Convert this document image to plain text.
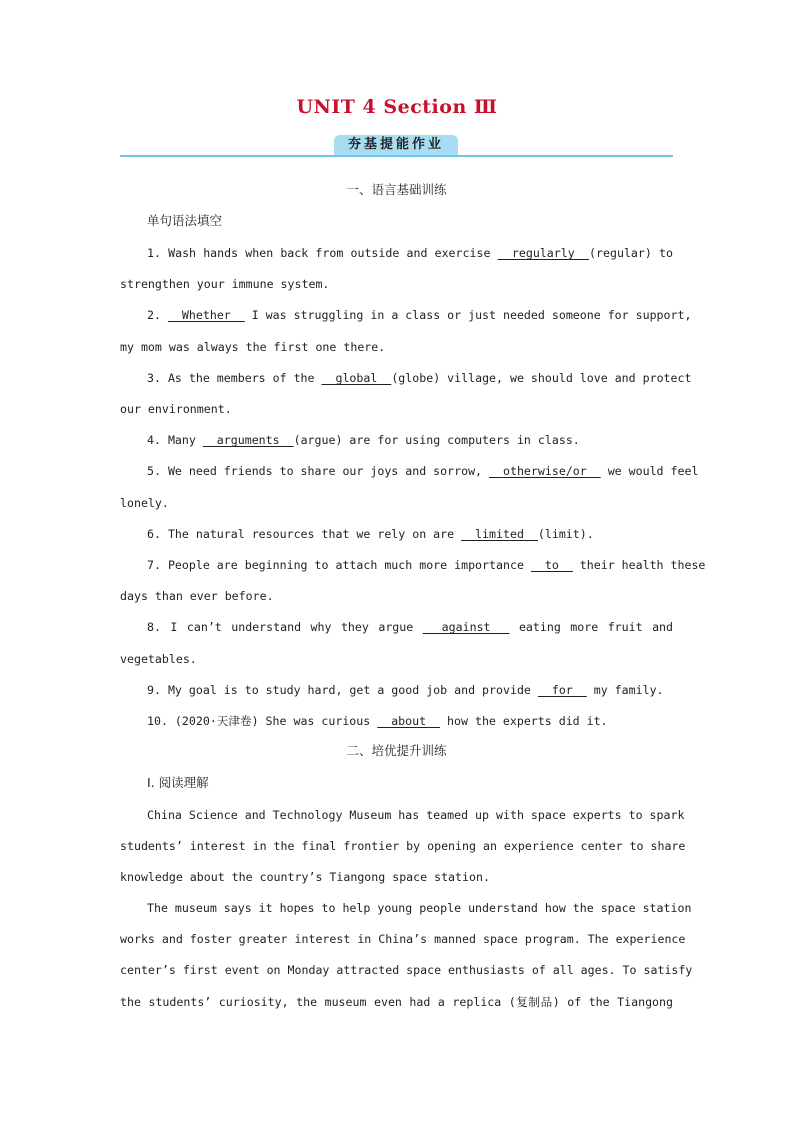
UNIT 4 Section Ⅲ
夯基提能作业
一、语言基础训练
单句语法填空
1. Wash hands when back from outside and exercise   regularly  (regular) to
strengthen your immune system.
2.   Whether   I was struggling in a class or just needed someone for support,
my mom was always the first one there.
3. As the members of the   global  (globe) village, we should love and protect
our environment.
4. Many   arguments  (argue) are for using computers in class.
5. We need friends to share our joys and sorrow,   otherwise/or   we would feel
lonely.
6. The natural resources that we rely on are   limited  (limit).
7. People are beginning to attach much more importance   to   their health these
days than ever before.
8. I can’t understand why they argue   against   eating more fruit and
vegetables.
9. My goal is to study hard, get a good job and provide   for   my family.
10. (2020·天津卷) She was curious   about   how the experts did it.
二、培优提升训练
Ⅰ. 阅读理解
China Science and Technology Museum has teamed up with space experts to spark
students’ interest in the final frontier by opening an experience center to share
knowledge about the country’s Tiangong space station.
The museum says it hopes to help young people understand how the space station
works and foster greater interest in China’s manned space program. The experience
center’s first event on Monday attracted space enthusiasts of all ages. To satisfy
the students’ curiosity, the museum even had a replica (复制品) of the Tiangong
